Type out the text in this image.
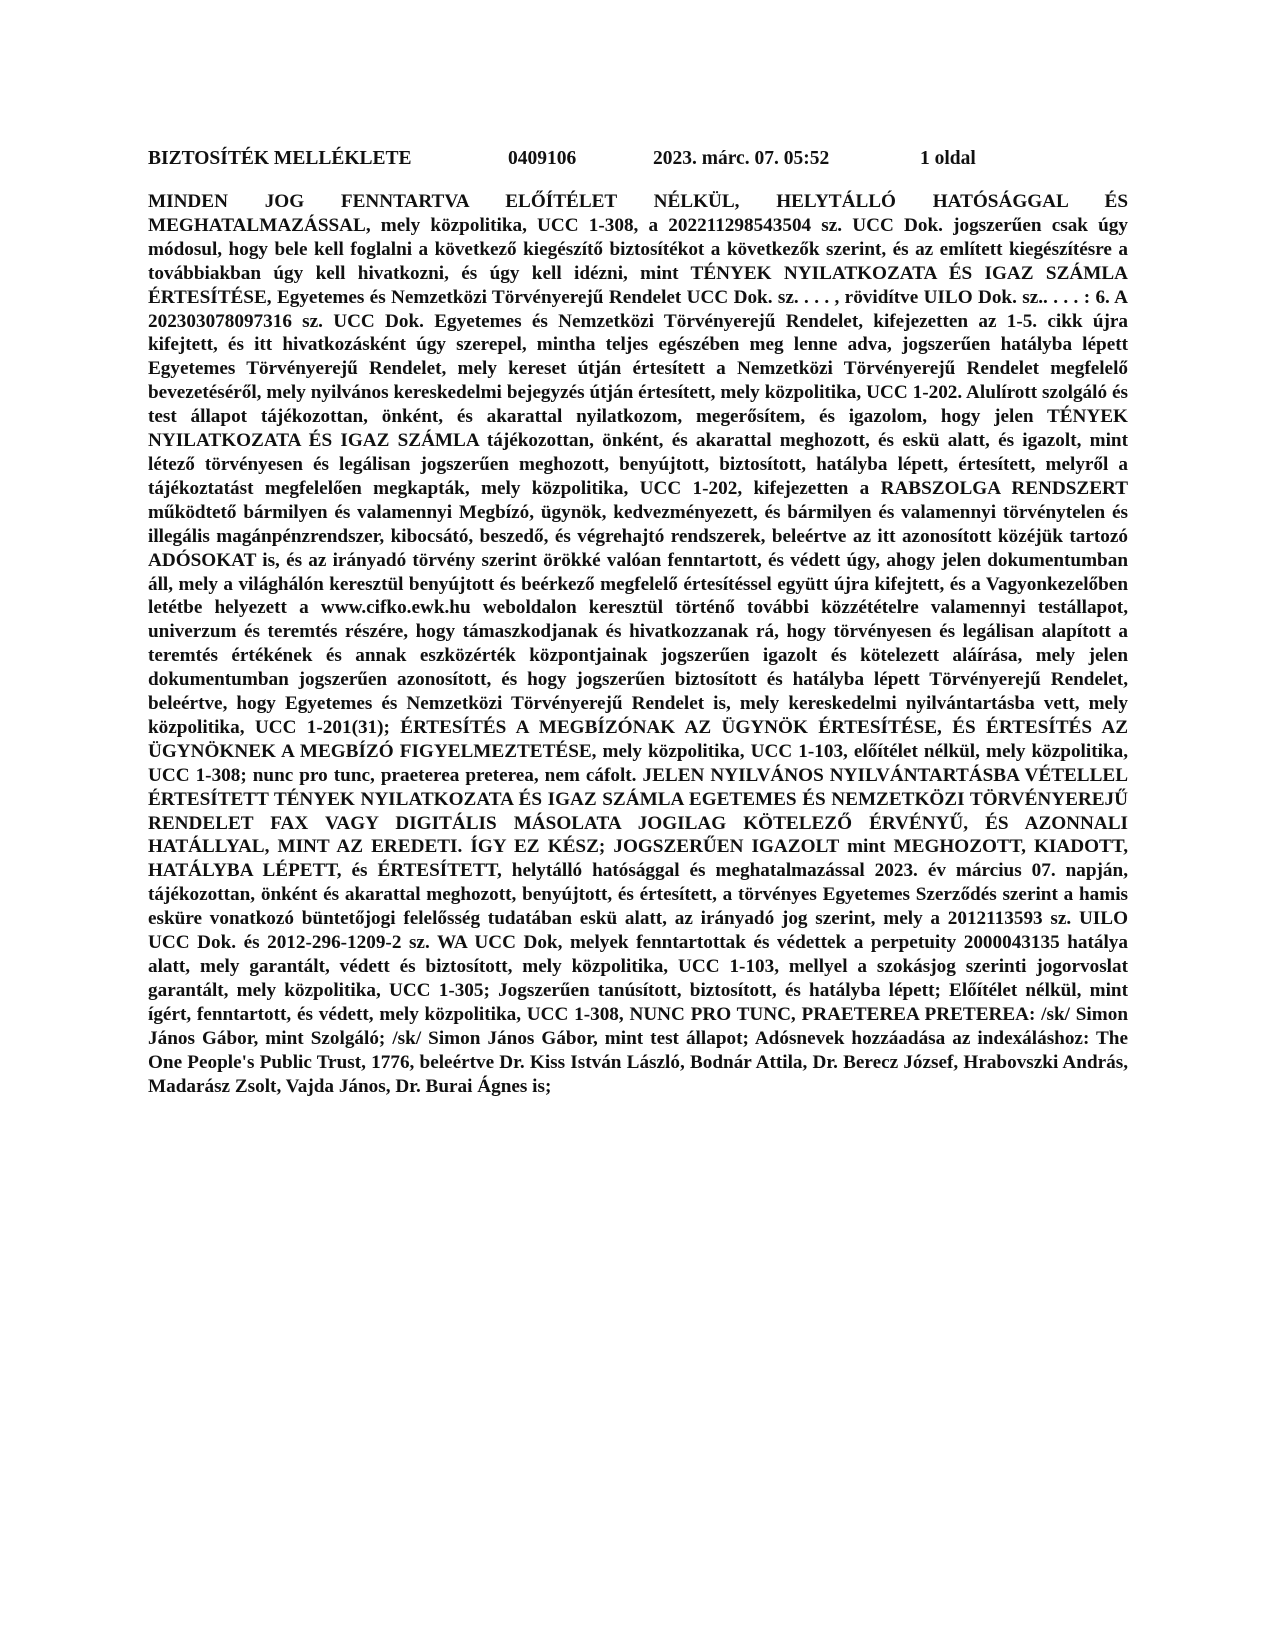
BIZTOSÍTÉK MELLÉKLETE	0409106	2023. márc. 07. 05:52	1 oldal

MINDEN JOG FENNTARTVA ELŐÍTÉLET NÉLKÜL, HELYTÁLLÓ HATÓSÁGGAL ÉS MEGHATALMAZÁSSAL, mely közpolitika, UCC 1-308, a 202211298543504 sz. UCC Dok. jogszerűen csak úgy módosul, hogy bele kell foglalni a következő kiegészítő biztosítékot a következők szerint, és az említett kiegészítésre a továbbiakban úgy kell hivatkozni, és úgy kell idézni, mint TÉNYEK NYILATKOZATA ÉS IGAZ SZÁMLA ÉRTESÍTÉSE, Egyetemes és Nemzetközi Törvényerejű Rendelet UCC Dok. sz. . . . , rövidítve UILO Dok. sz.. . . . : 6. A 202303078097316 sz. UCC Dok. Egyetemes és Nemzetközi Törvényerejű Rendelet, kifejezetten az 1-5. cikk újra kifejtett, és itt hivatkozásként úgy szerepel, mintha teljes egészében meg lenne adva, jogszerűen hatályba lépett Egyetemes Törvényerejű Rendelet, mely kereset útján értesített a Nemzetközi Törvényerejű Rendelet megfelelő bevezetéséről, mely nyilvános kereskedelmi bejegyzés útján értesített, mely közpolitika, UCC 1-202. Alulírott szolgáló és test állapot tájékozottan, önként, és akarattal nyilatkozom, megerősítem, és igazolom, hogy jelen TÉNYEK NYILATKOZATA ÉS IGAZ SZÁMLA tájékozottan, önként, és akarattal meghozott, és eskü alatt, és igazolt, mint létező törvényesen és legálisan jogszerűen meghozott, benyújtott, biztosított, hatályba lépett, értesített, melyről a tájékoztatást megfelelően megkapták, mely közpolitika, UCC 1-202, kifejezetten a RABSZOLGA RENDSZERT működtető bármilyen és valamennyi Megbízó, ügynök, kedvezményezett, és bármilyen és valamennyi törvénytelen és illegális magánpénzrendszer, kibocsátó, beszedő, és végrehajtó rendszerek, beleértve az itt azonosított közéjük tartozó ADÓSOKAT is, és az irányadó törvény szerint örökké valóan fenntartott, és védett úgy, ahogy jelen dokumentumban áll, mely a világhálón keresztül benyújtott és beérkező megfelelő értesítéssel együtt újra kifejtett, és a Vagyonkezelőben letétbe helyezett a www.cifko.ewk.hu weboldalon keresztül történő további közzétételre valamennyi testállapot, univerzum és teremtés részére, hogy támaszkodjanak és hivatkozzanak rá, hogy törvényesen és legálisan alapított a teremtés értékének és annak eszközérték központjainak jogszerűen igazolt és kötelezett aláírása, mely jelen dokumentumban jogszerűen azonosított, és hogy jogszerűen biztosított és hatályba lépett Törvényerejű Rendelet, beleértve, hogy Egyetemes és Nemzetközi Törvényerejű Rendelet is, mely kereskedelmi nyilvántartásba vett, mely közpolitika, UCC 1-201(31); ÉRTESÍTÉS A MEGBÍZÓNAK AZ ÜGYNÖK ÉRTESÍTÉSE, ÉS ÉRTESÍTÉS AZ ÜGYNÖKNEK A MEGBÍZÓ FIGYELMEZTETÉSE, mely közpolitika, UCC 1-103, előítélet nélkül, mely közpolitika, UCC 1-308; nunc pro tunc, praeterea preterea, nem cáfolt. JELEN NYILVÁNOS NYILVÁNTARTÁSBA VÉTELLEL ÉRTESÍTETT TÉNYEK NYILATKOZATA ÉS IGAZ SZÁMLA EGETEMES ÉS NEMZETKÖZI TÖRVÉNYEREJŰ RENDELET FAX VAGY DIGITÁLIS MÁSOLATA JOGILAG KÖTELEZŐ ÉRVÉNYŰ, ÉS AZONNALI HATÁLLYAL, MINT AZ EREDETI. ÍGY EZ KÉSZ; JOGSZERŰEN IGAZOLT mint MEGHOZOTT, KIADOTT, HATÁLYBA LÉPETT, és ÉRTESÍTETT, helytálló hatósággal és meghatalmazással 2023. év március 07. napján, tájékozottan, önként és akarattal meghozott, benyújtott, és értesített, a törvényes Egyetemes Szerződés szerint a hamis esküre vonatkozó büntetőjogi felelősség tudatában eskü alatt, az irányadó jog szerint, mely a 2012113593 sz. UILO UCC Dok. és 2012-296-1209-2 sz. WA UCC Dok, melyek fenntartottak és védettek a perpetuity 2000043135 hatálya alatt, mely garantált, védett és biztosított, mely közpolitika, UCC 1-103, mellyel a szokásjog szerinti jogorvoslat garantált, mely közpolitika, UCC 1-305; Jogszerűen tanúsított, biztosított, és hatályba lépett; Előítélet nélkül, mint ígért, fenntartott, és védett, mely közpolitika, UCC 1-308, NUNC PRO TUNC, PRAETEREA PRETEREA: /sk/ Simon János Gábor, mint Szolgáló; /sk/ Simon János Gábor, mint test állapot; Adósnevek hozzáadása az indexáláshoz: The One People's Public Trust, 1776, beleértve Dr. Kiss István László, Bodnár Attila, Dr. Berecz József, Hrabovszki András, Madarász Zsolt, Vajda János, Dr. Burai Ágnes is;
